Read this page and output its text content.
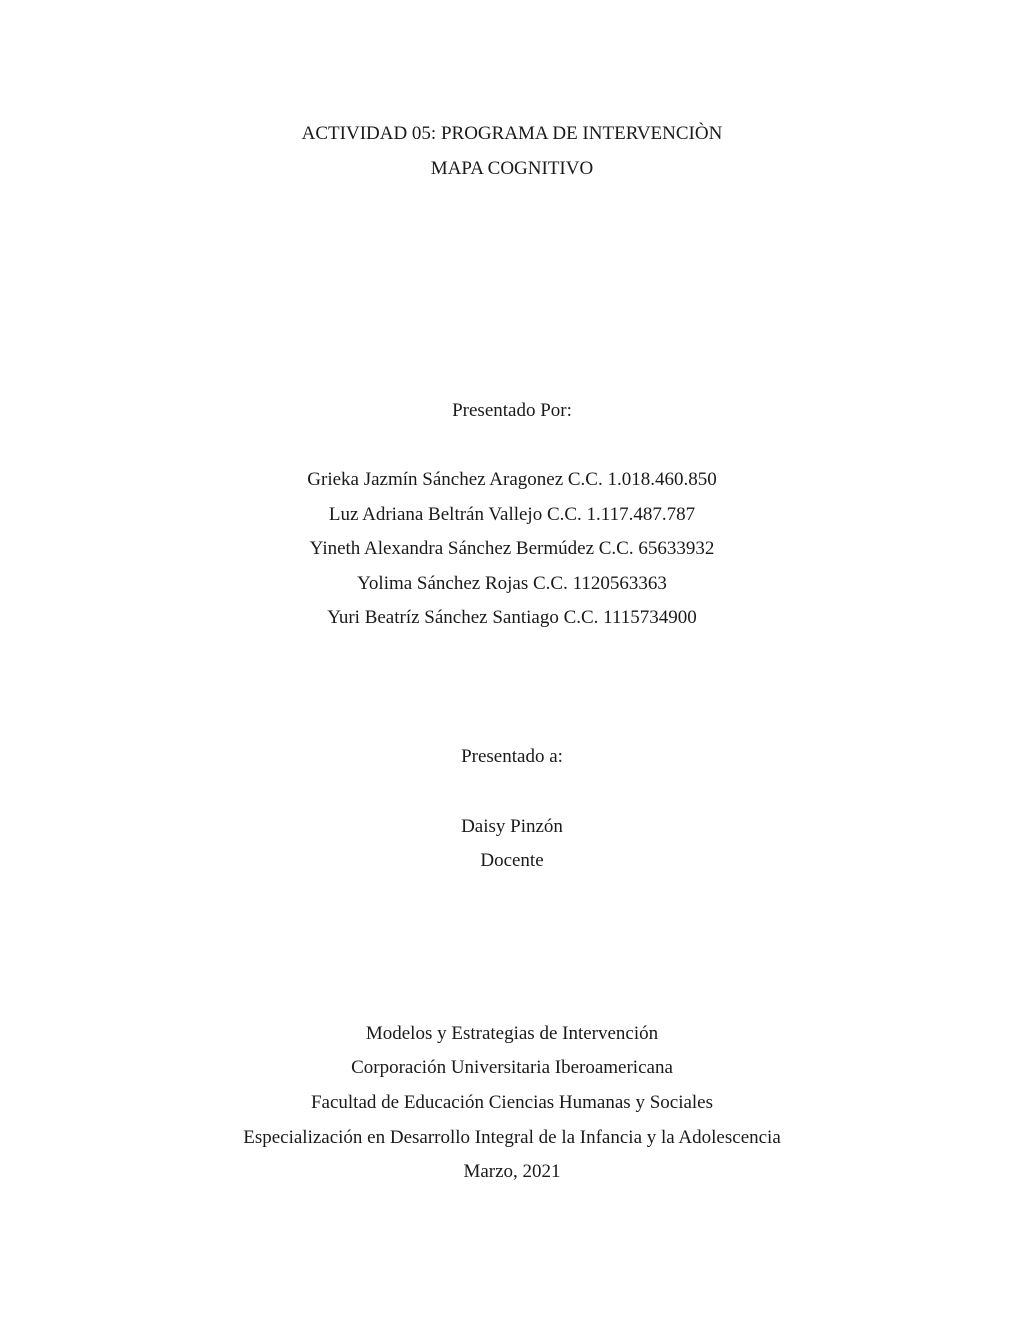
ACTIVIDAD 05: PROGRAMA DE INTERVENCIÒN
MAPA COGNITIVO
Presentado Por:
Grieka Jazmín Sánchez Aragonez C.C. 1.018.460.850
Luz Adriana Beltrán Vallejo C.C. 1.117.487.787
Yineth Alexandra Sánchez Bermúdez C.C. 65633932
Yolima Sánchez Rojas C.C. 1120563363
Yuri Beatríz Sánchez Santiago C.C. 1115734900
Presentado a:
Daisy Pinzón
Docente
Modelos y Estrategias de Intervención
Corporación Universitaria Iberoamericana
Facultad de Educación Ciencias Humanas y Sociales
Especialización en Desarrollo Integral de la Infancia y la Adolescencia
Marzo, 2021
